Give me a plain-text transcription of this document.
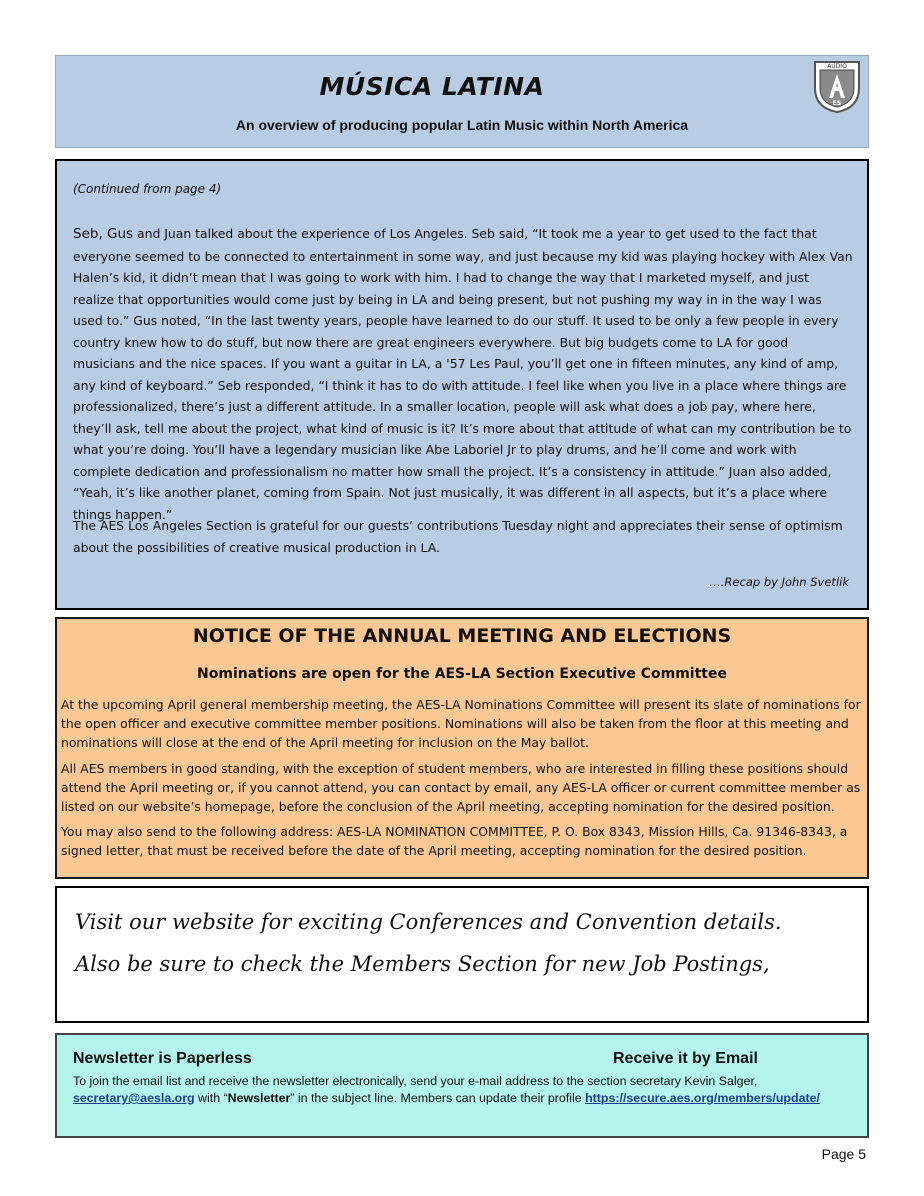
MÚSICA LATINA
An overview of producing popular Latin Music within North America
AUDIO
ES
(Continued from page 4)

Seb, Gus and Juan talked about the experience of Los Angeles. Seb said, “It took me a year to get used to the fact that everyone seemed to be connected to entertainment in some way, and just because my kid was playing hockey with Alex Van Halen’s kid, it didn’t mean that I was going to work with him. I had to change the way that I marketed myself, and just realize that opportunities would come just by being in LA and being present, but not pushing my way in in the way I was used to.” Gus noted, “In the last twenty years, people have learned to do our stuff. It used to be only a few people in every country knew how to do stuff, but now there are great engineers everywhere. But big budgets come to LA for good musicians and the nice spaces. If you want a guitar in LA, a '57 Les Paul, you’ll get one in fifteen minutes, any kind of amp, any kind of keyboard.” Seb responded, “I think it has to do with attitude. I feel like when you live in a place where things are professionalized, there’s just a different attitude. In a smaller location, people will ask what does a job pay, where here, they’ll ask, tell me about the project, what kind of music is it? It’s more about that attitude of what can my contribution be to what you’re doing. You’ll have a legendary musician like Abe Laboriel Jr to play drums, and he’ll come and work with complete dedication and professionalism no matter how small the project. It’s a consistency in attitude.” Juan also added, “Yeah, it’s like another planet, coming from Spain. Not just musically, it was different in all aspects, but it’s a place where things happen.”

The AES Los Angeles Section is grateful for our guests’ contributions Tuesday night and appreciates their sense of optimism about the possibilities of creative musical production in LA.

….Recap by John Svetlik
NOTICE OF THE ANNUAL MEETING AND ELECTIONS
Nominations are open for the AES-LA Section Executive Committee

At the upcoming April general membership meeting, the AES-LA Nominations Committee will present its slate of nominations for the open officer and executive committee member positions. Nominations will also be taken from the floor at this meeting and nominations will close at the end of the April meeting for inclusion on the May ballot.

All AES members in good standing, with the exception of student members, who are interested in filling these positions should attend the April meeting or, if you cannot attend, you can contact by email, any AES-LA officer or current committee member as listed on our website’s homepage, before the conclusion of the April meeting, accepting nomination for the desired position.

You may also send to the following address: AES-LA NOMINATION COMMITTEE, P. O. Box 8343, Mission Hills, Ca. 91346-8343, a signed letter, that must be received before the date of the April meeting, accepting nomination for the desired position.

Visit our website for exciting Conferences and Convention details.
Also be sure to check the Members Section for new Job Postings,
Newsletter is Paperless	Receive it by Email

To join the email list and receive the newsletter electronically, send your e-mail address to the section secretary Kevin Salger, secretary@aesla.org with “Newsletter” in the subject line. Members can update their profile https://secure.aes.org/members/update/

Page 5
